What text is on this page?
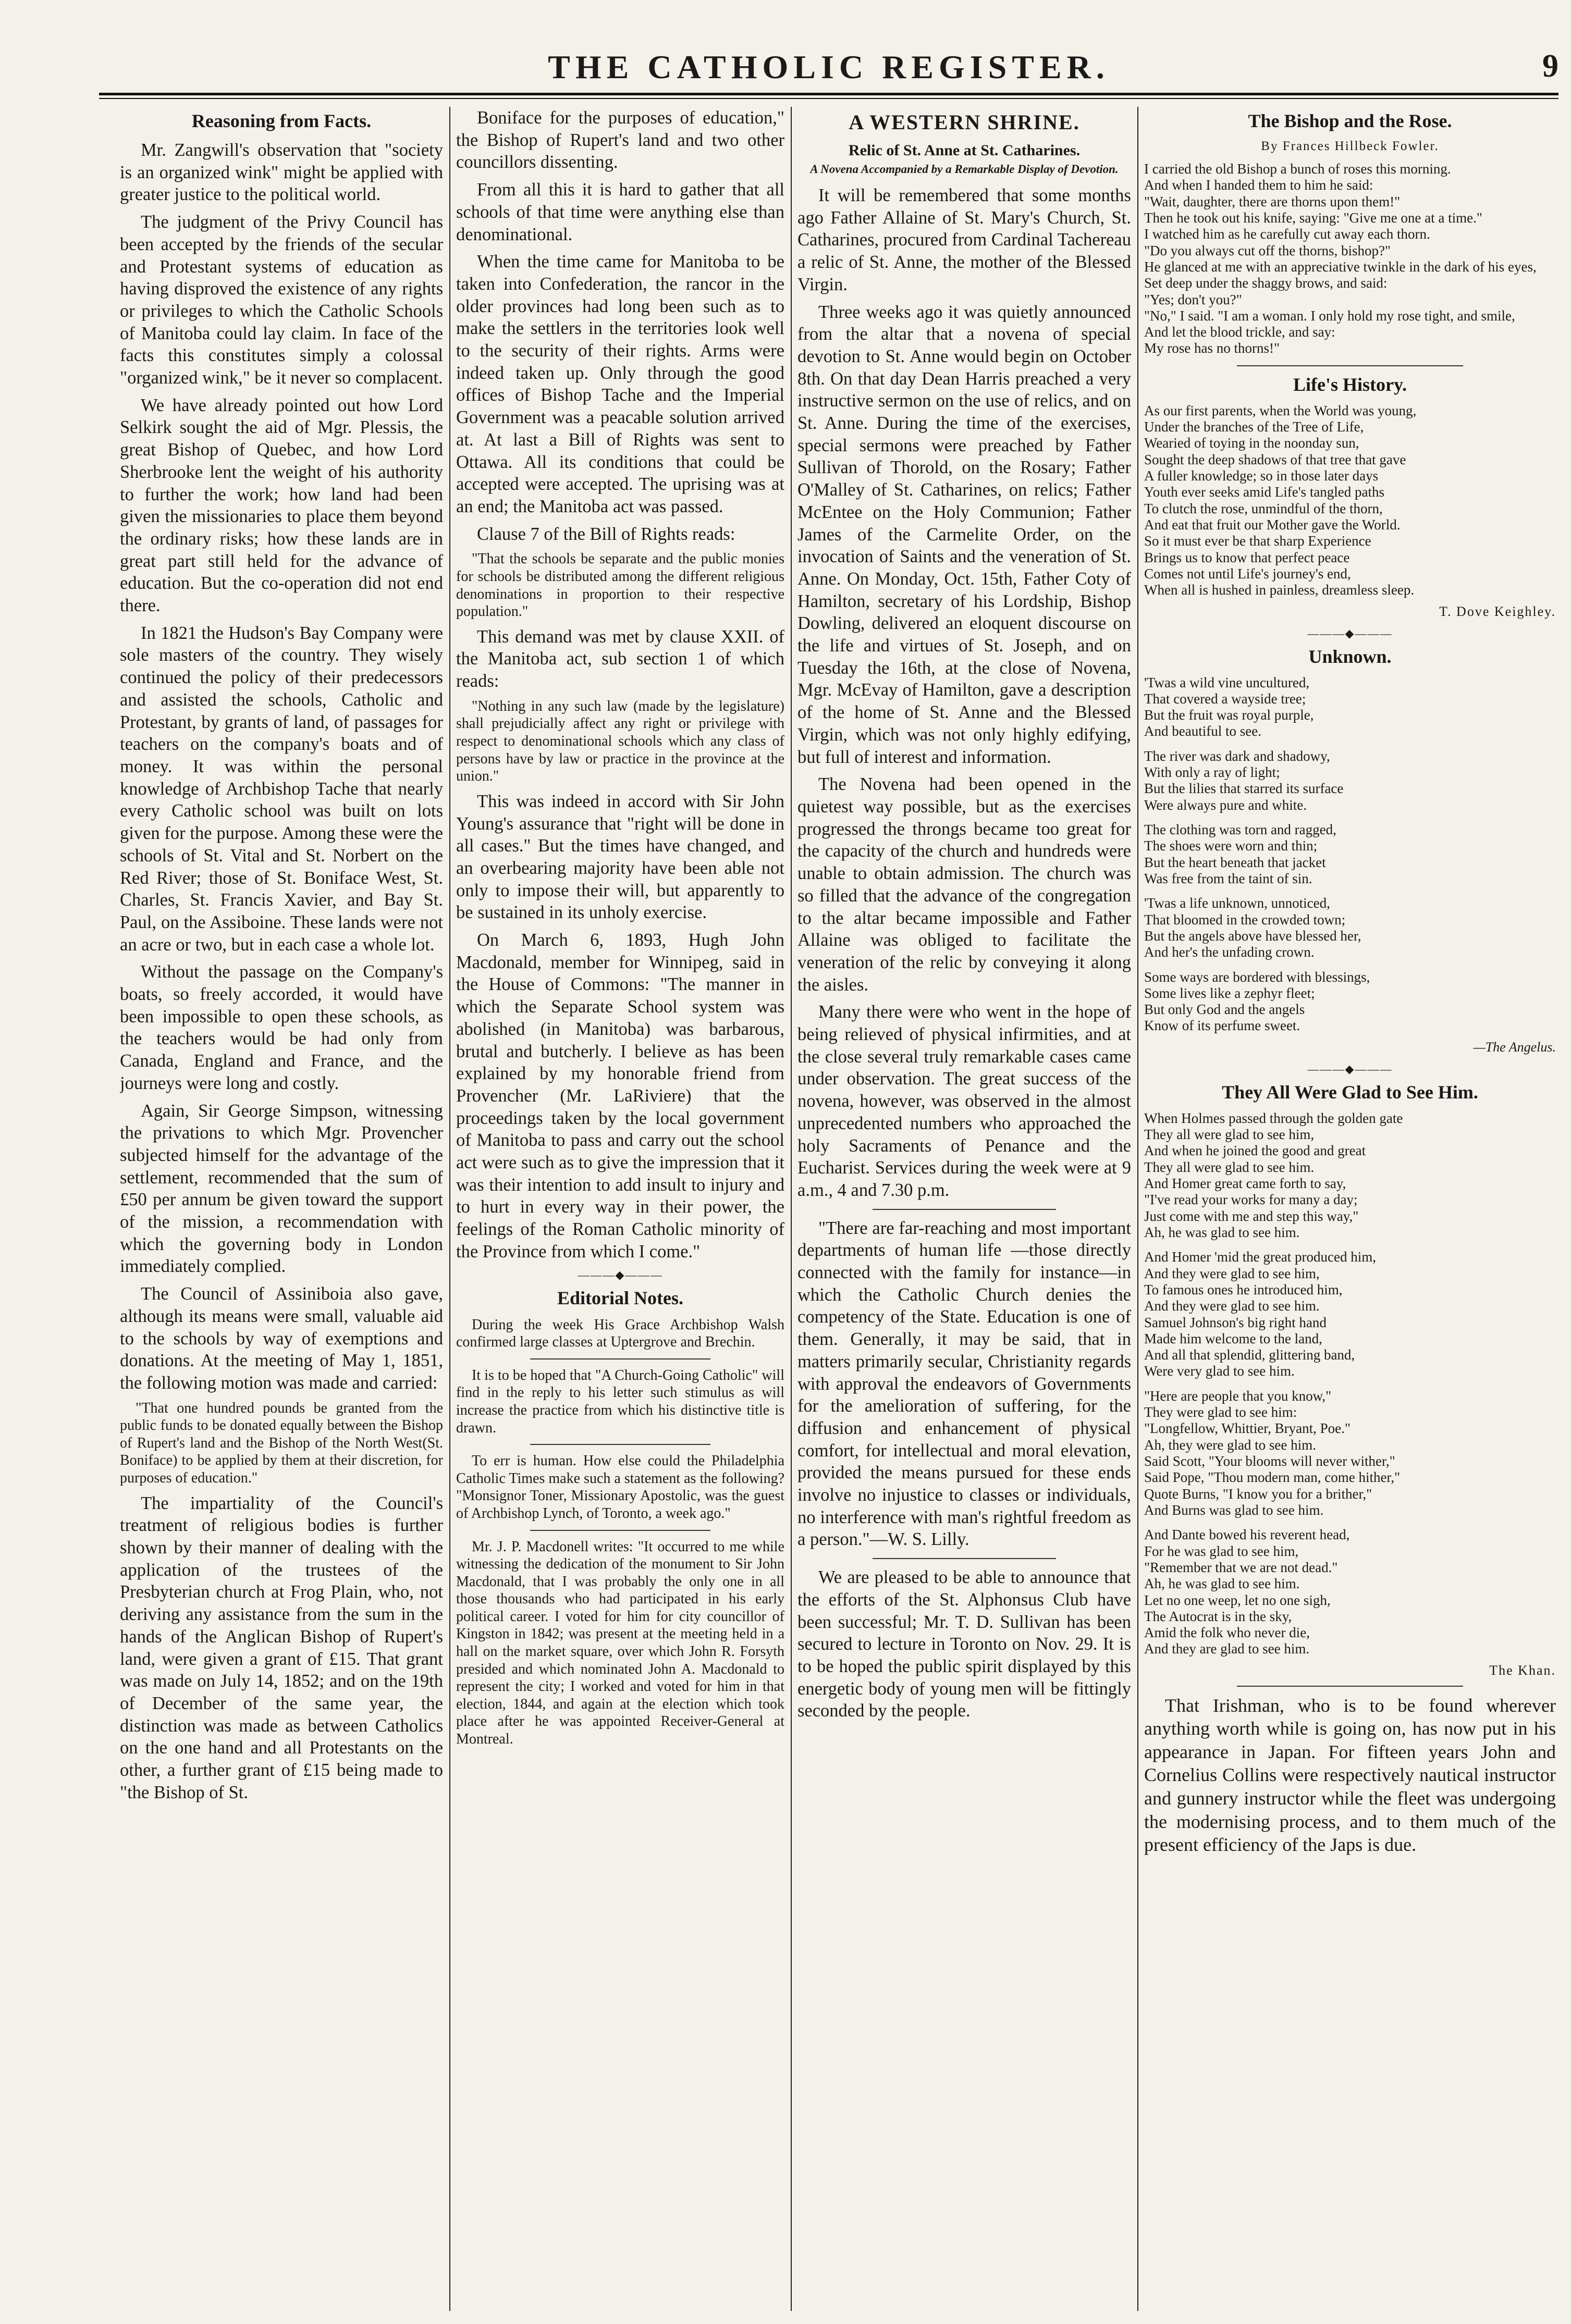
THE CATHOLIC REGISTER.	9
Reasoning from Facts.

Mr. Zangwill's observation that "society is an organized wink" might be applied with greater justice to the political world.

The judgment of the Privy Council has been accepted by the friends of the secular and Protestant systems of education as having disproved the existence of any rights or privileges to which the Catholic Schools of Manitoba could lay claim. In face of the facts this constitutes simply a colossal "organized wink," be it never so complacent.

We have already pointed out how Lord Selkirk sought the aid of Mgr. Plessis, the great Bishop of Quebec, and how Lord Sherbrooke lent the weight of his authority to further the work; how land had been given the missionaries to place them beyond the ordinary risks; how these lands are in great part still held for the advance of education. But the co-operation did not end there.

In 1821 the Hudson's Bay Company were sole masters of the country. They wisely continued the policy of their predecessors and assisted the schools, Catholic and Protestant, by grants of land, of passages for teachers on the company's boats and of money. It was within the personal knowledge of Archbishop Tache that nearly every Catholic school was built on lots given for the purpose. Among these were the schools of St. Vital and St. Norbert on the Red River; those of St. Boniface West, St. Charles, St. Francis Xavier, and Bay St. Paul, on the Assiboine. These lands were not an acre or two, but in each case a whole lot.

Without the passage on the Company's boats, so freely accorded, it would have been impossible to open these schools, as the teachers would be had only from Canada, England and France, and the journeys were long and costly.

Again, Sir George Simpson, witnessing the privations to which Mgr. Provencher subjected himself for the advantage of the settlement, recommended that the sum of £50 per annum be given toward the support of the mission, a recommendation with which the governing body in London immediately complied.

The Council of Assiniboia also gave, although its means were small, valuable aid to the schools by way of exemptions and donations. At the meeting of May 1, 1851, the following motion was made and carried:

"That one hundred pounds be granted from the public funds to be donated equally between the Bishop of Rupert's land and the Bishop of the North West(St. Boniface) to be applied by them at their discretion, for purposes of education."

The impartiality of the Council's treatment of religious bodies is further shown by their manner of dealing with the application of the trustees of the Presbyterian church at Frog Plain, who, not deriving any assistance from the sum in the hands of the Anglican Bishop of Rupert's land, were given a grant of £15. That grant was made on July 14, 1852; and on the 19th of December of the same year, the distinction was made as between Catholics on the one hand and all Protestants on the other, a further grant of £15 being made to "the Bishop of St.

Boniface for the purposes of education," the Bishop of Rupert's land and two other councillors dissenting.

From all this it is hard to gather that all schools of that time were anything else than denominational.

When the time came for Manitoba to be taken into Confederation, the rancor in the older provinces had long been such as to make the settlers in the territories look well to the security of their rights. Arms were indeed taken up. Only through the good offices of Bishop Tache and the Imperial Government was a peacable solution arrived at. At last a Bill of Rights was sent to Ottawa. All its conditions that could be accepted were accepted. The uprising was at an end; the Manitoba act was passed.

Clause 7 of the Bill of Rights reads:

"That the schools be separate and the public monies for schools be distributed among the different religious denominations in proportion to their respective population."

This demand was met by clause XXII. of the Manitoba act, sub section 1 of which reads:

"Nothing in any such law (made by the legislature) shall prejudicially affect any right or privilege with respect to denominational schools which any class of persons have by law or practice in the province at the union."

This was indeed in accord with Sir John Young's assurance that "right will be done in all cases." But the times have changed, and an overbearing majority have been able not only to impose their will, but apparently to be sustained in its unholy exercise.

On March 6, 1893, Hugh John Macdonald, member for Winnipeg, said in the House of Commons: "The manner in which the Separate School system was abolished (in Manitoba) was barbarous, brutal and butcherly. I believe as has been explained by my honorable friend from Provencher (Mr. LaRiviere) that the proceedings taken by the local government of Manitoba to pass and carry out the school act were such as to give the impression that it was their intention to add insult to injury and to hurt in every way in their power, the feelings of the Roman Catholic minority of the Province from which I come."

———◆———
Editorial Notes.

During the week His Grace Archbishop Walsh confirmed large classes at Uptergrove and Brechin.

It is to be hoped that "A Church-Going Catholic" will find in the reply to his letter such stimulus as will increase the practice from which his distinctive title is drawn.

To err is human. How else could the Philadelphia Catholic Times make such a statement as the following? "Monsignor Toner, Missionary Apostolic, was the guest of Archbishop Lynch, of Toronto, a week ago."

Mr. J. P. Macdonell writes: "It occurred to me while witnessing the dedication of the monument to Sir John Macdonald, that I was probably the only one in all those thousands who had participated in his early political career. I voted for him for city councillor of Kingston in 1842; was present at the meeting held in a hall on the market square, over which John R. Forsyth presided and which nominated John A. Macdonald to represent the city; I worked and voted for him in that election, 1844, and again at the election which took place after he was appointed Receiver-General at Montreal.

A WESTERN SHRINE.
Relic of St. Anne at St. Catharines.
A Novena Accompanied by a Remarkable Display of Devotion.

It will be remembered that some months ago Father Allaine of St. Mary's Church, St. Catharines, procured from Cardinal Tachereau a relic of St. Anne, the mother of the Blessed Virgin.

Three weeks ago it was quietly announced from the altar that a novena of special devotion to St. Anne would begin on October 8th. On that day Dean Harris preached a very instructive sermon on the use of relics, and on St. Anne. During the time of the exercises, special sermons were preached by Father Sullivan of Thorold, on the Rosary; Father O'Malley of St. Catharines, on relics; Father McEntee on the Holy Communion; Father James of the Carmelite Order, on the invocation of Saints and the veneration of St. Anne. On Monday, Oct. 15th, Father Coty of Hamilton, secretary of his Lordship, Bishop Dowling, delivered an eloquent discourse on the life and virtues of St. Joseph, and on Tuesday the 16th, at the close of Novena, Mgr. McEvay of Hamilton, gave a description of the home of St. Anne and the Blessed Virgin, which was not only highly edifying, but full of interest and information.

The Novena had been opened in the quietest way possible, but as the exercises progressed the throngs became too great for the capacity of the church and hundreds were unable to obtain admission. The church was so filled that the advance of the congregation to the altar became impossible and Father Allaine was obliged to facilitate the veneration of the relic by conveying it along the aisles.

Many there were who went in the hope of being relieved of physical infirmities, and at the close several truly remarkable cases came under observation. The great success of the novena, however, was observed in the almost unprecedented numbers who approached the holy Sacraments of Penance and the Eucharist. Services during the week were at 9 a.m., 4 and 7.30 p.m.

"There are far-reaching and most important departments of human life —those directly connected with the family for instance—in which the Catholic Church denies the competency of the State. Education is one of them. Generally, it may be said, that in matters primarily secular, Christianity regards with approval the endeavors of Governments for the amelioration of suffering, for the diffusion and enhancement of physical comfort, for intellectual and moral elevation, provided the means pursued for these ends involve no injustice to classes or individuals, no interference with man's rightful freedom as a person."—W. S. Lilly.

We are pleased to be able to announce that the efforts of the St. Alphonsus Club have been successful; Mr. T. D. Sullivan has been secured to lecture in Toronto on Nov. 29. It is to be hoped the public spirit displayed by this energetic body of young men will be fittingly seconded by the people.

The Bishop and the Rose.
By Frances Hillbeck Fowler.

I carried the old Bishop a bunch of roses this morning.
And when I handed them to him he said:
"Wait, daughter, there are thorns upon them!"
Then he took out his knife, saying: "Give me one at a time."
I watched him as he carefully cut away each thorn.
"Do you always cut off the thorns, bishop?"
He glanced at me with an appreciative twinkle in the dark of his eyes,
Set deep under the shaggy brows, and said:
"Yes; don't you?"
"No," I said. "I am a woman. I only hold my rose tight, and smile,
And let the blood trickle, and say:
My rose has no thorns!"

Life's History.

As our first parents, when the World was young,
Under the branches of the Tree of Life,
Wearied of toying in the noonday sun,
Sought the deep shadows of that tree that gave
A fuller knowledge; so in those later days
Youth ever seeks amid Life's tangled paths
To clutch the rose, unmindful of the thorn,
And eat that fruit our Mother gave the World.
So it must ever be that sharp Experience
Brings us to know that perfect peace
Comes not until Life's journey's end,
When all is hushed in painless, dreamless sleep.

T. Dove Keighley.
———◆———
Unknown.

'Twas a wild vine uncultured,
That covered a wayside tree;
But the fruit was royal purple,
And beautiful to see.

The river was dark and shadowy,
With only a ray of light;
But the lilies that starred its surface
Were always pure and white.

The clothing was torn and ragged,
The shoes were worn and thin;
But the heart beneath that jacket
Was free from the taint of sin.

'Twas a life unknown, unnoticed,
That bloomed in the crowded town;
But the angels above have blessed her,
And her's the unfading crown.

Some ways are bordered with blessings,
Some lives like a zephyr fleet;
But only God and the angels
Know of its perfume sweet.

—The Angelus.
———◆———
They All Were Glad to See Him.

When Holmes passed through the golden gate
They all were glad to see him,
And when he joined the good and great
They all were glad to see him.
And Homer great came forth to say,
"I've read your works for many a day;
Just come with me and step this way,"
Ah, he was glad to see him.

And Homer 'mid the great produced him,
And they were glad to see him,
To famous ones he introduced him,
And they were glad to see him.
Samuel Johnson's big right hand
Made him welcome to the land,
And all that splendid, glittering band,
Were very glad to see him.

"Here are people that you know,"
They were glad to see him:
"Longfellow, Whittier, Bryant, Poe."
Ah, they were glad to see him.
Said Scott, "Your blooms will never wither,"
Said Pope, "Thou modern man, come hither,"
Quote Burns, "I know you for a brither,"
And Burns was glad to see him.

And Dante bowed his reverent head,
For he was glad to see him,
"Remember that we are not dead."
Ah, he was glad to see him.
Let no one weep, let no one sigh,
The Autocrat is in the sky,
Amid the folk who never die,
And they are glad to see him.

The Khan.

That Irishman, who is to be found wherever anything worth while is going on, has now put in his appearance in Japan. For fifteen years John and Cornelius Collins were respectively nautical instructor and gunnery instructor while the fleet was undergoing the modernising process, and to them much of the present efficiency of the Japs is due.
